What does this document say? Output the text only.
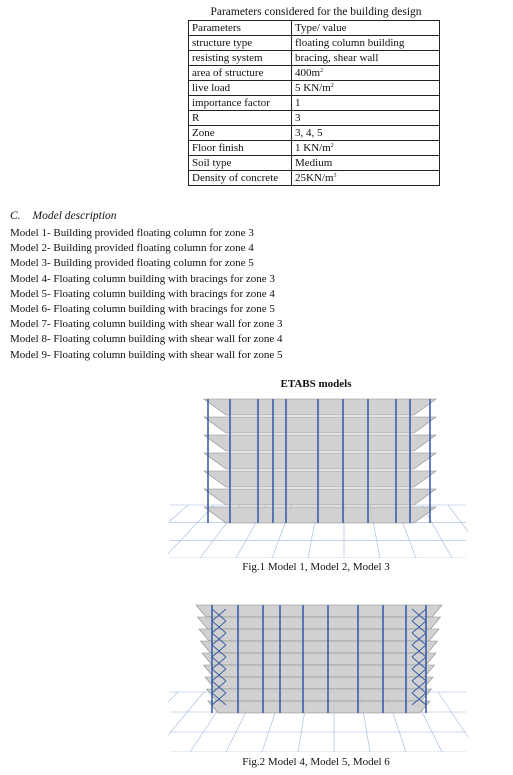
Parameters considered for the building design
Parameters	Type/ value
structure type	floating column building
resisting system	bracing, shear wall
area of structure	$400m^2$
live load	5 $KN/m^2$
importance factor	1
R	3
Zone	3, 4, 5
Floor finish	1 $KN/m^2$
Soil type	Medium
Density of concrete	$25KN/m^3$
C. Model description
Model 1- Building provided floating column for zone 3
Model 2- Building provided floating column for zone 4
Model 3- Building provided floating column for zone 5
Model 4- Floating column building with bracings for zone 3
Model 5- Floating column building with bracings for zone 4
Model 6- Floating column building with bracings for zone 5
Model 7- Floating column building with shear wall for zone 3
Model 8- Floating column building with shear wall for zone 4
Model 9- Floating column building with shear wall for zone 5
ETABS models
Fig.1 Model 1, Model 2, Model 3
Fig.2 Model 4, Model 5, Model 6
